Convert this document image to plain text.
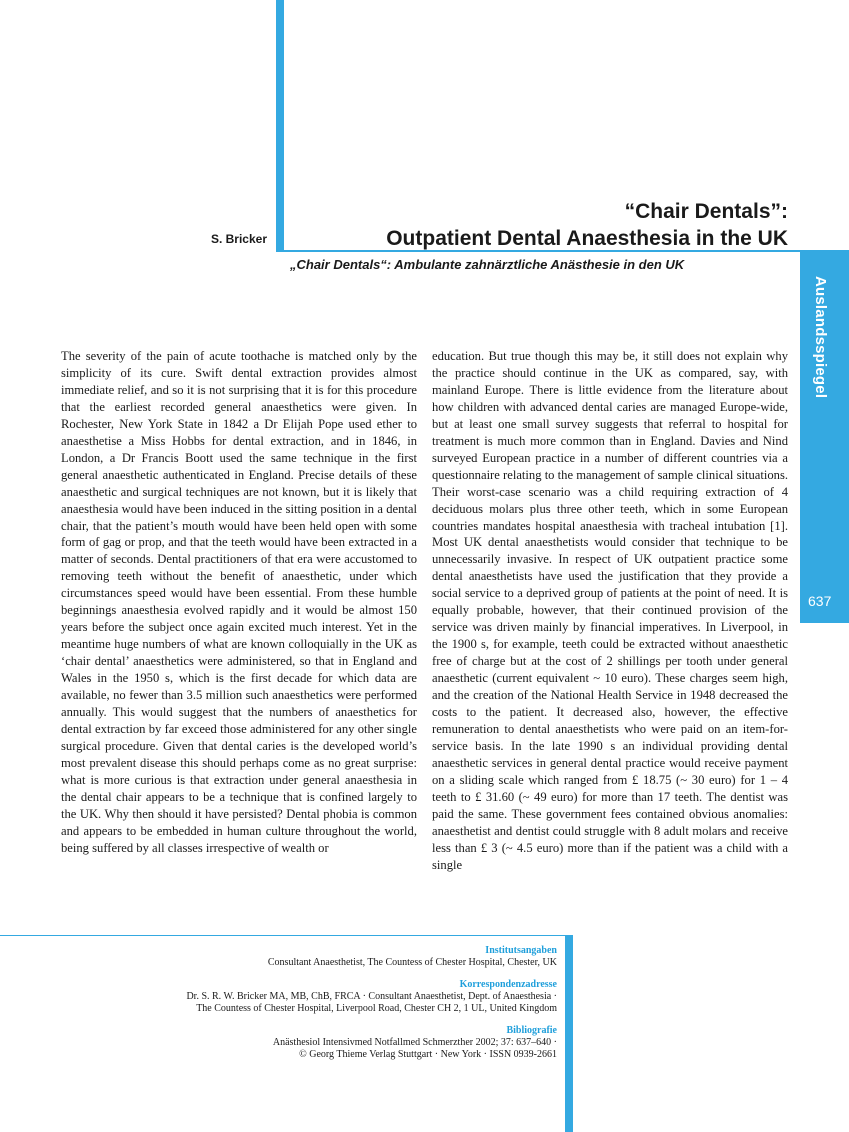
“Chair Dentals”:
Outpatient Dental Anaesthesia in the UK
S. Bricker
„Chair Dentals“: Ambulante zahnärztliche Anästhesie in den UK
Auslandsspiegel
637
The severity of the pain of acute toothache is matched only by the simplicity of its cure. Swift dental extraction provides almost immediate relief, and so it is not surprising that it is for this procedure that the earliest recorded general anaesthetics were given. In Rochester, New York State in 1842 a Dr Elijah Pope used ether to anaesthetise a Miss Hobbs for dental extraction, and in 1846, in London, a Dr Francis Boott used the same technique in the first general anaesthetic authenticated in England. Precise details of these anaesthetic and surgical techniques are not known, but it is likely that anaesthesia would have been induced in the sitting position in a dental chair, that the patient’s mouth would have been held open with some form of gag or prop, and that the teeth would have been extracted in a matter of seconds. Dental practitioners of that era were accustomed to removing teeth without the benefit of anaesthetic, under which circumstances speed would have been essential. From these humble beginnings anaesthesia evolved rapidly and it would be almost 150 years before the subject once again excited much interest. Yet in the meantime huge numbers of what are known colloquially in the UK as ‘chair dental’ anaesthetics were administered, so that in England and Wales in the 1950 s, which is the first decade for which data are available, no fewer than 3.5 million such anaesthetics were performed annually. This would suggest that the numbers of anaesthetics for dental extraction by far exceed those administered for any other single surgical procedure. Given that dental caries is the developed world’s most prevalent disease this should perhaps come as no great surprise: what is more curious is that extraction under general anaesthesia in the dental chair appears to be a technique that is confined largely to the UK. Why then should it have persisted? Dental phobia is common and appears to be embedded in human culture throughout the world, being suffered by all classes irrespective of wealth or
education. But true though this may be, it still does not explain why the practice should continue in the UK as compared, say, with mainland Europe. There is little evidence from the literature about how children with advanced dental caries are managed Europe-wide, but at least one small survey suggests that referral to hospital for treatment is much more common than in England. Davies and Nind surveyed European practice in a number of different countries via a questionnaire relating to the management of sample clinical situations. Their worst-case scenario was a child requiring extraction of 4 deciduous molars plus three other teeth, which in some European countries mandates hospital anaesthesia with tracheal intubation [1]. Most UK dental anaesthetists would consider that technique to be unnecessarily invasive. In respect of UK outpatient practice some dental anaesthetists have used the justification that they provide a social service to a deprived group of patients at the point of need. It is equally probable, however, that their continued provision of the service was driven mainly by financial imperatives. In Liverpool, in the 1900 s, for example, teeth could be extracted without anaesthetic free of charge but at the cost of 2 shillings per tooth under general anaesthetic (current equivalent ~ 10 euro). These charges seem high, and the creation of the National Health Service in 1948 decreased the costs to the patient. It decreased also, however, the effective remuneration to dental anaesthetists who were paid on an item-for-service basis. In the late 1990 s an individual providing dental anaesthetic services in general dental practice would receive payment on a sliding scale which ranged from £ 18.75 (~ 30 euro) for 1 – 4 teeth to £ 31.60 (~ 49 euro) for more than 17 teeth. The dentist was paid the same. These government fees contained obvious anomalies: anaesthetist and dentist could struggle with 8 adult molars and receive less than £ 3 (~ 4.5 euro) more than if the patient was a child with a single
Institutsangaben
Consultant Anaesthetist, The Countess of Chester Hospital, Chester, UK
Korrespondenzadresse
Dr. S. R. W. Bricker MA, MB, ChB, FRCA · Consultant Anaesthetist, Dept. of Anaesthesia ·
The Countess of Chester Hospital, Liverpool Road, Chester CH 2, 1 UL, United Kingdom
Bibliografie
Anästhesiol Intensivmed Notfallmed Schmerzther 2002; 37: 637–640 ·
© Georg Thieme Verlag Stuttgart · New York · ISSN 0939-2661
